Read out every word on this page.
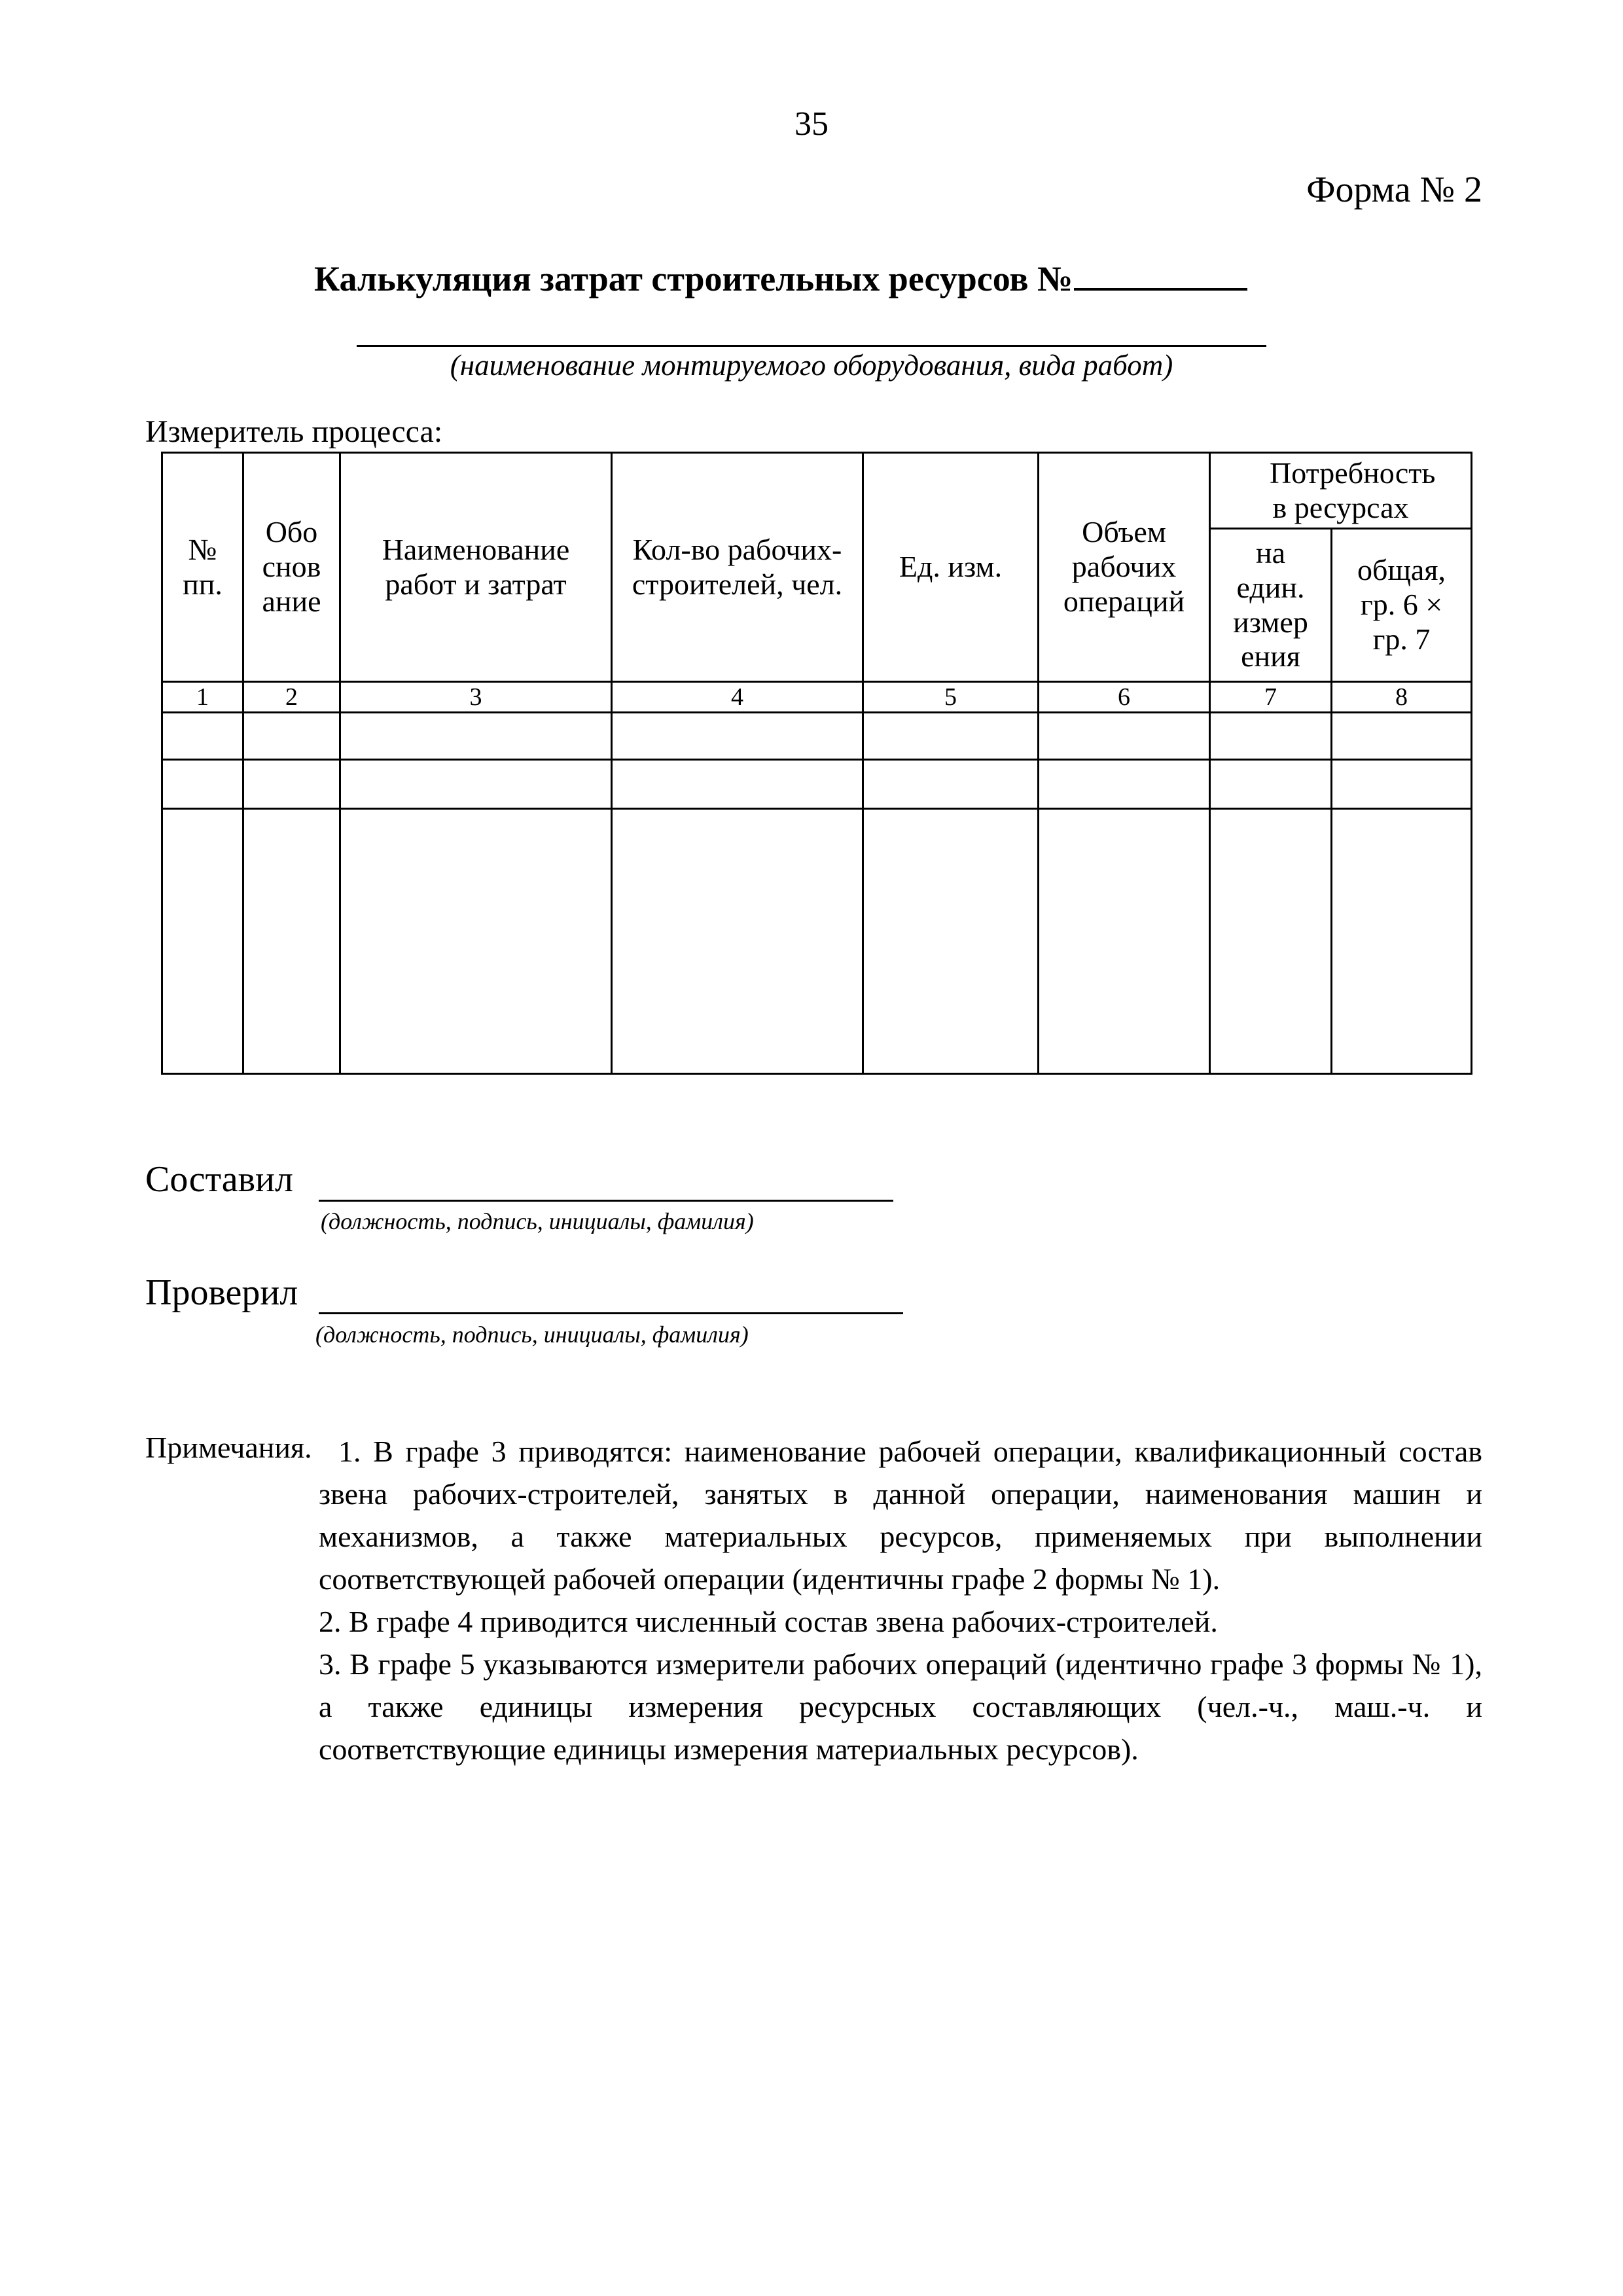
35
Форма № 2
Калькуляция затрат строительных ресурсов №
(наименование монтируемого оборудования, вида работ)
Измеритель процесса:
№ пп.	Обо снов ание	Наименование работ и затрат	Кол-во рабочих-строителей, чел.	Ед. изм.	Объем рабочих операций	Потребность в ресурсах	
						на един. измер ения	общая, гр. 6 × гр. 7
1	2	3	4	5	6	7	8

Составил
(должность, подпись, инициалы, фамилия)
Проверил
(должность, подпись, инициалы, фамилия)
Примечания. 1. В графе 3 приводятся: наименование рабочей операции, квалификационный состав звена рабочих-строителей, занятых в данной операции, наименования машин и механизмов, а также материальных ресурсов, применяемых при выполнении соответствующей рабочей операции (идентичны графе 2 формы № 1).

2. В графе 4 приводится численный состав звена рабочих-строителей.

3. В графе 5 указываются измерители рабочих операций (идентично графе 3 формы № 1), а также единицы измерения ресурсных составляющих (чел.-ч., маш.-ч. и соответствующие единицы измерения материальных ресурсов).
